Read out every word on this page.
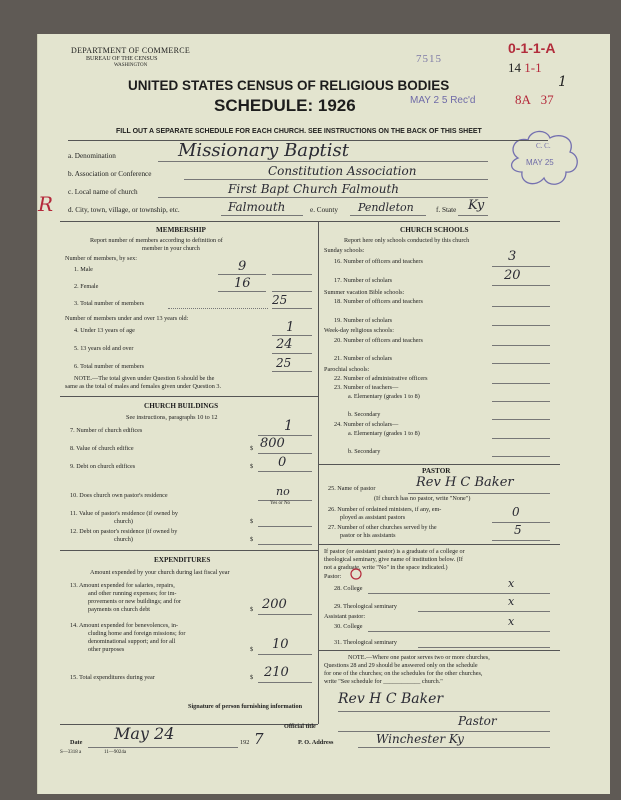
DEPARTMENT OF COMMERCE
BUREAU OF THE CENSUS
WASHINGTON
UNITED STATES CENSUS OF RELIGIOUS BODIES
SCHEDULE: 1926
7515
MAY 2 5 Rec'd
0-1-1-A
14 1-1
1
8A 37
C. C.
MAY 25
FILL OUT A SEPARATE SCHEDULE FOR EACH CHURCH. SEE INSTRUCTIONS ON THE BACK OF THIS SHEET
R
a. Denomination	Missionary Baptist
b. Association or Conference	Constitution Association
c. Local name of church	First Bapt Church Falmouth
d. City, town, village, or township, etc.	Falmouth	e. County Pendleton	f. State Ky
MEMBERSHIP
Report number of members according to definition of
member in your church
Number of members, by sex:
1. Male	9
2. Female	16
3. Total number of members	25
Number of members under and over 13 years old:
4. Under 13 years of age	1
5. 13 years old and over	24
6. Total number of members	25
NOTE.—The total given under Question 6 should be the
same as the total of males and females given under Question 3.
CHURCH BUILDINGS
See instructions, paragraphs 10 to 12
7. Number of church edifices	1
8. Value of church edifice	$ 800
9. Debt on church edifices	$ 0
10. Does church own pastor's residence	no
Yes or No
11. Value of pastor's residence (if owned by
church)	$
12. Debt on pastor's residence (if owned by
church)	$
EXPENDITURES
Amount expended by your church during last fiscal year
13. Amount expended for salaries, repairs,
and other running expenses; for im-
provements or new buildings; and for
payments on church debt	$ 200
14. Amount expended for benevolences, in-
cluding home and foreign missions; for
denominational support; and for all
other purposes	$ 10
15. Total expenditures during year	$ 210
CHURCH SCHOOLS
Report here only schools conducted by this church
Sunday schools:
16. Number of officers and teachers	3
17. Number of scholars	20
Summer vacation Bible schools:
18. Number of officers and teachers
19. Number of scholars
Week-day religious schools:
20. Number of officers and teachers
21. Number of scholars
Parochial schools:
22. Number of administrative officers
23. Number of teachers—
a. Elementary (grades 1 to 8)
b. Secondary
24. Number of scholars—
a. Elementary (grades 1 to 8)
b. Secondary
PASTOR
25. Name of pastor	Rev H C Baker
(If church has no pastor, write "None")
26. Number of ordained ministers, if any, em-
ployed as assistant pastors	0
27. Number of other churches served by the
pastor or his assistants	5
If pastor (or assistant pastor) is a graduate of a college or
theological seminary, give name of institution below. (If
not a graduate, write "No" in the space indicated.)
Pastor:
28. College	x
29. Theological seminary	x
Assistant pastor:
30. College	x
31. Theological seminary
NOTE.—Where one pastor serves two or more churches,
Questions 28 and 29 should be answered only on the schedule
for one of the churches; on the schedules for the other churches,
write "See schedule for ____________ church."
Signature of person furnishing information	Rev H C Baker
Official title	Pastor
Date May 24	192 7	P. O. Address	Winchester Ky
S—3318 a	11—9024a
